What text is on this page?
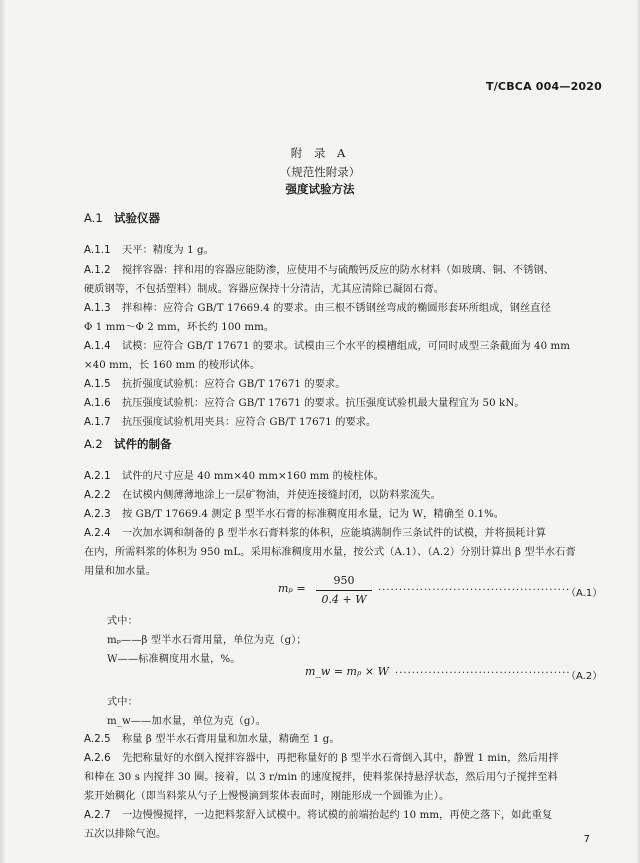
T/CBCA 004—2020
附 录 A
（规范性附录）
强度试验方法
A.1 试验仪器
A.1.1 天平：精度为 1 g。
A.1.2 搅拌容器：拌和用的容器应能防渗，应使用不与硫酸钙反应的防水材料（如玻璃、铜、不锈钢、
硬质钢等，不包括塑料）制成。容器应保持十分清洁，尤其应清除已凝固石膏。
A.1.3 拌和棒：应符合 GB/T 17669.4 的要求。由三根不锈钢丝弯成的椭圆形套环所组成，钢丝直径
Φ 1 mm～Φ 2 mm，环长约 100 mm。
A.1.4 试模：应符合 GB/T 17671 的要求。试模由三个水平的模槽组成，可同时成型三条截面为 40 mm
×40 mm，长 160 mm 的棱形试体。
A.1.5 抗折强度试验机：应符合 GB/T 17671 的要求。
A.1.6 抗压强度试验机：应符合 GB/T 17671 的要求。抗压强度试验机最大量程宜为 50 kN。
A.1.7 抗压强度试验机用夹具：应符合 GB/T 17671 的要求。
A.2 试件的制备
A.2.1 试件的尺寸应是 40 mm×40 mm×160 mm 的棱柱体。
A.2.2 在试模内侧薄薄地涂上一层矿物油，并使连接缝封闭，以防料浆流失。
A.2.3 按 GB/T 17669.4 测定 β 型半水石膏的标准稠度用水量，记为 W，精确至 0.1%。
A.2.4 一次加水调和制备的 β 型半水石膏料浆的体积，应能填满制作三条试件的试模，并将损耗计算
在内，所需料浆的体积为 950 mL。采用标准稠度用水量，按公式（A.1）、（A.2）分别计算出 β 型半水石膏
用量和加水量。
mₚ =
950
0.4 + W
..............................................
（A.1）
式中：
mₚ——β 型半水石膏用量，单位为克（g）；
W——标准稠度用水量，%。
m_w = mₚ × W ..........................................
（A.2）
式中：
m_w——加水量，单位为克（g）。
A.2.5 称量 β 型半水石膏用量和加水量，精确至 1 g。
A.2.6 先把称量好的水倒入搅拌容器中，再把称量好的 β 型半水石膏倒入其中，静置 1 min，然后用拌
和棒在 30 s 内搅拌 30 圈。接着，以 3 r/min 的速度搅拌，使料浆保持悬浮状态，然后用勺子搅拌至料
浆开始稠化（即当料浆从勺子上慢慢滴到浆体表面时，刚能形成一个圆锥为止）。
A.2.7 一边慢慢搅拌，一边把料浆舒入试模中。将试模的前端抬起约 10 mm，再使之落下，如此重复
五次以排除气泡。	7
